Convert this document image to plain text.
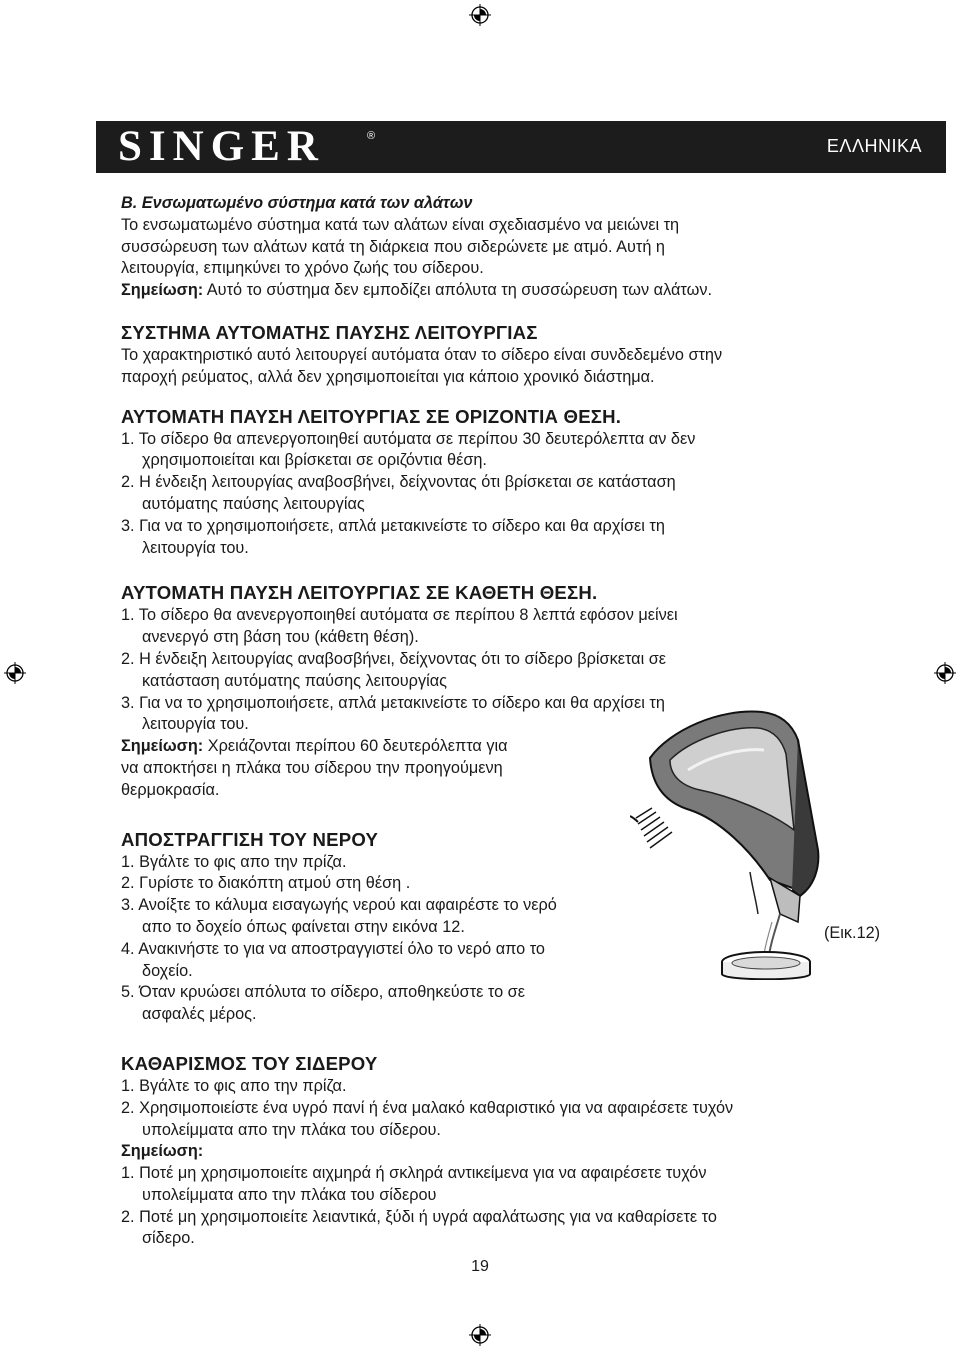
SINGER	®	ΕΛΛΗΝΙΚΑ

B. Ενσωματωμένο σύστημα κατά των αλάτων

Το ενσωματωμένο σύστημα κατά των αλάτων είναι σχεδιασμένο να μειώνει τη

συσσώρευση των αλάτων κατά τη διάρκεια που σιδερώνετε με ατμό. Αυτή η

λειτουργία, επιμηκύνει το χρόνο ζωής του σίδερου.

Σημείωση: Αυτό το σύστημα δεν εμποδίζει απόλυτα τη συσσώρευση των αλάτων.

ΣΥΣΤΗΜΑ ΑΥΤΟΜΑΤΗΣ ΠΑΥΣΗΣ ΛΕΙΤΟΥΡΓΙΑΣ

Το χαρακτηριστικό αυτό λειτουργεί αυτόματα όταν το σίδερο είναι συνδεδεμένο στην

παροχή ρεύματος, αλλά δεν χρησιμοποιείται για κάποιο χρονικό διάστημα.

ΑΥΤΟΜΑΤΗ ΠΑΥΣΗ ΛΕΙΤΟΥΡΓΙΑΣ ΣΕ ΟΡΙΖΟΝΤΙΑ ΘΕΣΗ.

1. Το σίδερο θα απενεργοποιηθεί αυτόματα σε περίπου 30 δευτερόλεπτα αν δεν

χρησιμοποιείται και βρίσκεται σε οριζόντια θέση.

2. Η ένδειξη λειτουργίας αναβοσβήνει, δείχνοντας ότι βρίσκεται σε κατάσταση

αυτόματης παύσης λειτουργίας

3. Για να το χρησιμοποιήσετε, απλά μετακινείστε το σίδερο και θα αρχίσει τη

λειτουργία του.

ΑΥΤΟΜΑΤΗ ΠΑΥΣΗ ΛΕΙΤΟΥΡΓΙΑΣ ΣΕ ΚΑΘΕΤΗ ΘΕΣΗ.

1. Το σίδερο θα ανενεργοποιηθεί αυτόματα σε περίπου 8 λεπτά εφόσον μείνει

ανενεργό στη βάση του (κάθετη θέση).

2. Η ένδειξη λειτουργίας αναβοσβήνει, δείχνοντας ότι το σίδερο βρίσκεται σε

κατάσταση αυτόματης παύσης λειτουργίας

3. Για να το χρησιμοποιήσετε, απλά μετακινείστε το σίδερο και θα αρχίσει τη

λειτουργία του.

Σημείωση: Χρειάζονται περίπου 60 δευτερόλεπτα για

να αποκτήσει η πλάκα του σίδερου την προηγούμενη

θερμοκρασία.

ΑΠΟΣΤΡΑΓΓΙΣΗ ΤΟΥ ΝΕΡΟΥ

1. Βγάλτε το φις απο την πρίζα.

2. Γυρίστε το διακόπτη ατμού στη θέση .

3. Ανοίξτε το κάλυμα εισαγωγής νερού και αφαιρέστε το νερό

απο το δοχείο όπως φαίνεται στην εικόνα 12.

4. Ανακινήστε το για να αποστραγγιστεί όλο το νερό απο το

δοχείο.

5. Όταν κρυώσει απόλυτα το σίδερο, αποθηκεύστε το σε

ασφαλές μέρος.

ΚΑΘΑΡΙΣΜΟΣ ΤΟΥ ΣΙΔΕΡΟΥ

1. Βγάλτε το φις απο την πρίζα.

2. Χρησιμοποιείστε ένα υγρό πανί ή ένα μαλακό καθαριστικό για να αφαιρέσετε τυχόν

υπολείμματα απο την πλάκα του σίδερου.

Σημείωση:

1. Ποτέ μη χρησιμοποιείτε αιχμηρά ή σκληρά αντικείμενα για να αφαιρέσετε τυχόν

υπολείμματα απο την πλάκα του σίδερου

2. Ποτέ μη χρησιμοποιείτε λειαντικά, ξύδι ή υγρά αφαλάτωσης για να καθαρίσετε το

σίδερο.

(Εικ.12)
19
